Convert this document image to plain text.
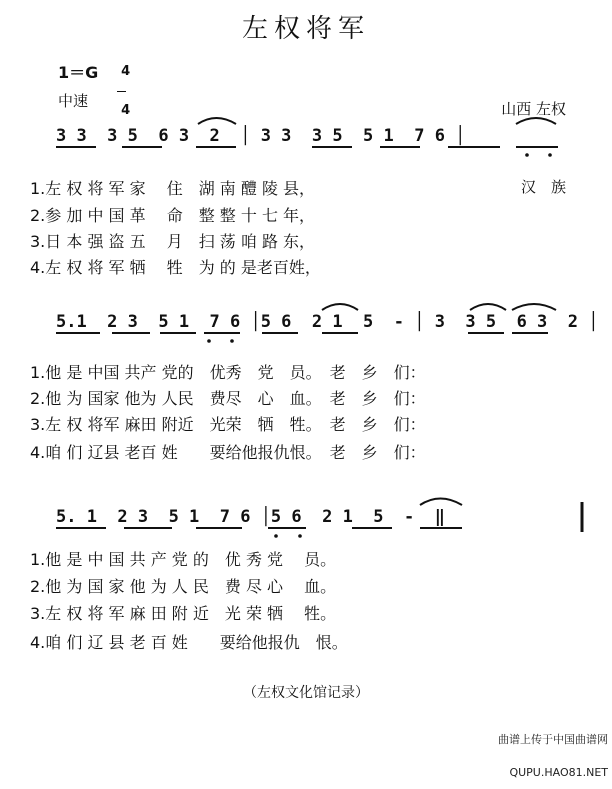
左权将军

山西 左权

汉　族

1＝G	4

4

中速
3 3  3 5  6 3  2  │ 3 3  3 5  5 1  7 6 │
1.左 权 将 军 家　 住　湖 南 醴 陵 县，
2.参 加 中 国 革　 命　整 整 十 七 年，
3.日 本 强 盗 五　 月　扫 荡 咱 路 东，
4.左 权 将 军 牺　 牲　为 的 是老百姓，
5.1  2 3  5 1  7 6 │5 6  2 1  5  - │ 3  3 5  6 3  2 │
1.他 是 中国 共产 党的　优秀　党　员。　老　乡　们：
2.他 为 国家 他为 人民　费尽　心　血。　老　乡　们：
3.左 权 将军 麻田 附近　光荣　牺　牲。　老　乡　们：
4.咱 们 辽县 老百 姓　　要给他报仇恨。　老　乡　们：
5. 1  2 3  5 1  7 6 │5 6  2 1  5  -  ‖
1.他 是 中 国 共 产 党 的　优 秀 党　 员。
2.他 为 国 家 他 为 人 民　费 尽 心　 血。
3.左 权 将 军 麻 田 附 近　光 荣 牺　 牲。
4.咱 们 辽 县 老 百 姓　　要给他报仇　恨。
（左权文化馆记录）

曲谱上传于中国曲谱网

QUPU.HAO81.NET
